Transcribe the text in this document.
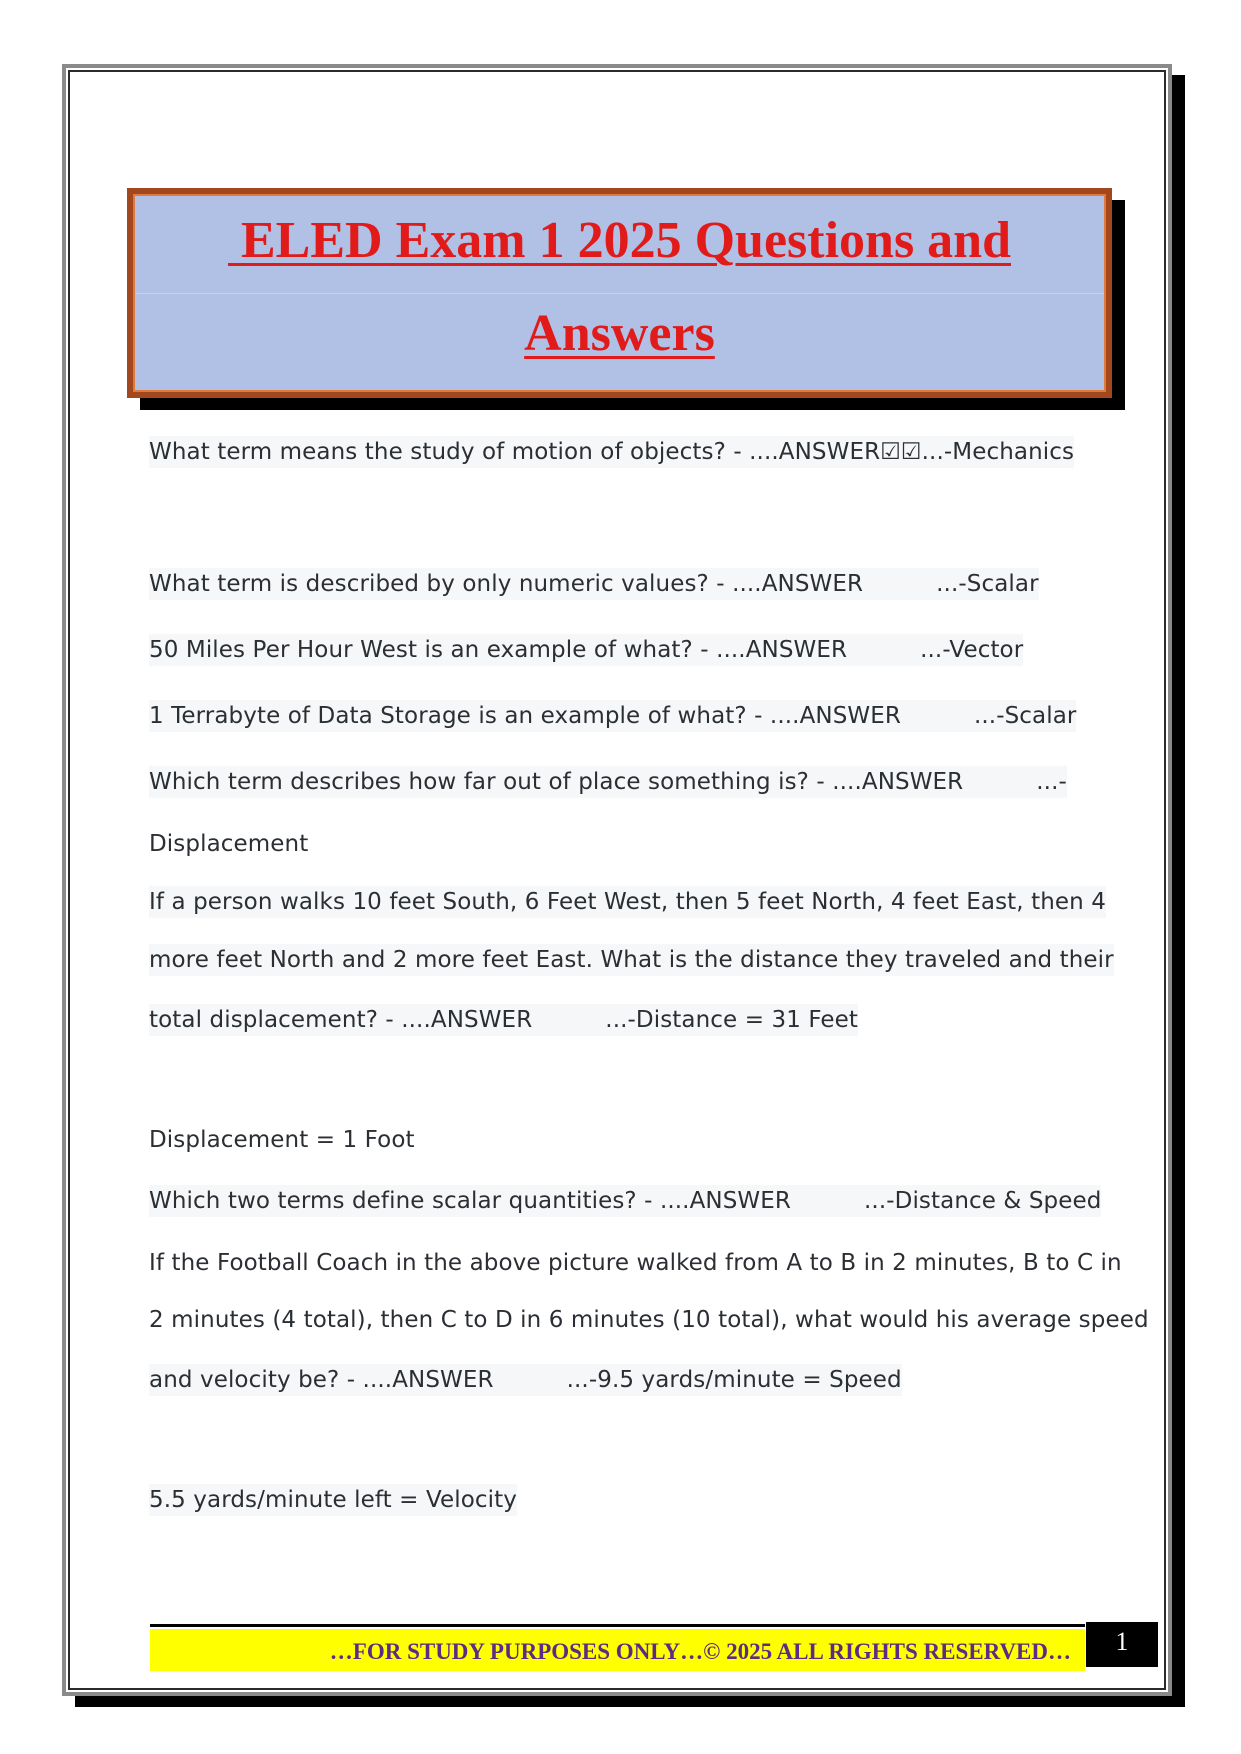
ELED Exam 1 2025 Questions and
Answers
What term means the study of motion of objects? - ....ANSWER☑☑...-Mechanics
What term is described by only numeric values? - ....ANSWER	...-Scalar
50 Miles Per Hour West is an example of what? - ....ANSWER	...-Vector
1 Terrabyte of Data Storage is an example of what? - ....ANSWER	...-Scalar
Which term describes how far out of place something is? - ....ANSWER	...-
Displacement
If a person walks 10 feet South, 6 Feet West, then 5 feet North, 4 feet East, then 4
more feet North and 2 more feet East. What is the distance they traveled and their
total displacement? - ....ANSWER	...-Distance = 31 Feet
Displacement = 1 Foot
Which two terms define scalar quantities? - ....ANSWER	...-Distance & Speed
If the Football Coach in the above picture walked from A to B in 2 minutes, B to C in
2 minutes (4 total), then C to D in 6 minutes (10 total), what would his average speed
and velocity be? - ....ANSWER	...-9.5 yards/minute = Speed
5.5 yards/minute left = Velocity
…FOR STUDY PURPOSES ONLY…© 2025 ALL RIGHTS RESERVED…	1
